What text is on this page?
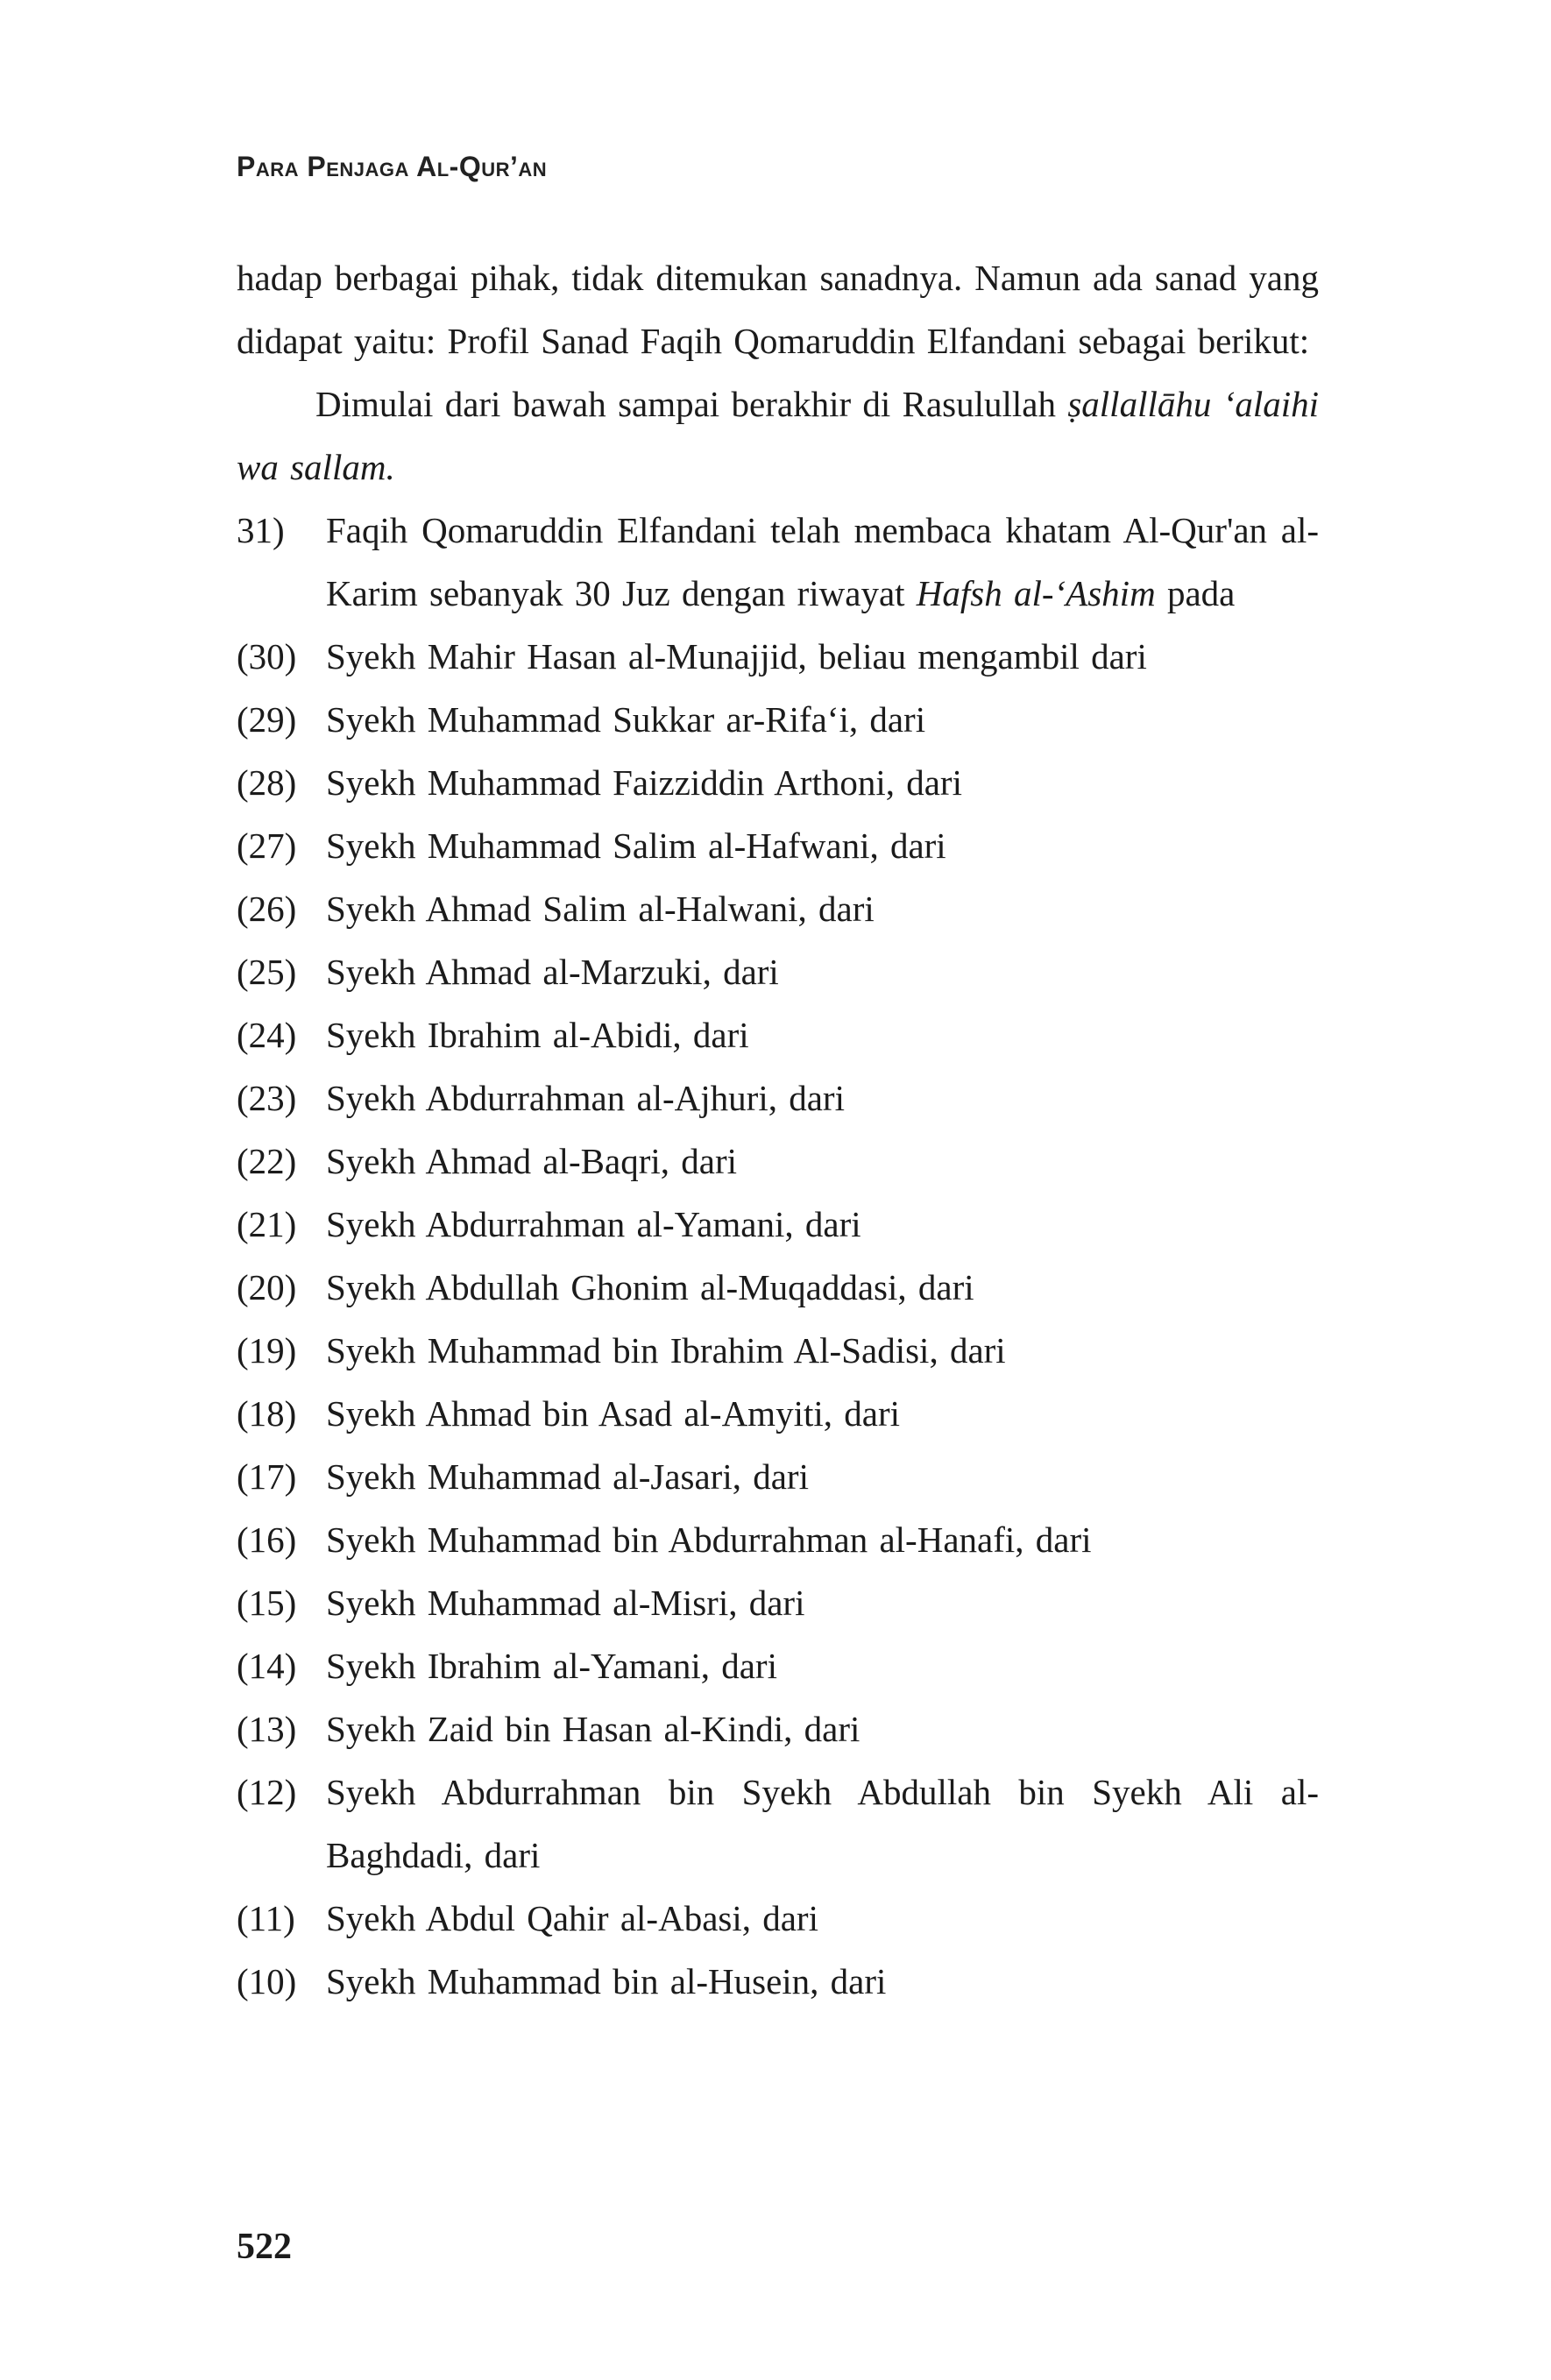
Para Penjaga Al-Qur’an

hadap berbagai pihak, tidak ditemukan sanadnya. Namun ada sanad yang didapat yaitu: Profil Sanad Faqih Qomaruddin Elfandani sebagai berikut:

Dimulai dari bawah sampai berakhir di Rasulullah ṣallallāhu ‘alaihi wa sallam.

31) Faqih Qomaruddin Elfandani telah membaca khatam Al-Qur'an al-Karim sebanyak 30 Juz dengan riwayat Hafsh al-‘Ashim pada
(30) Syekh Mahir Hasan al-Munajjid, beliau mengambil dari
(29) Syekh Muhammad Sukkar ar-Rifa‘i, dari
(28) Syekh Muhammad Faizziddin Arthoni, dari
(27) Syekh Muhammad Salim al-Hafwani, dari
(26) Syekh Ahmad Salim al-Halwani, dari
(25) Syekh Ahmad al-Marzuki, dari
(24) Syekh Ibrahim al-Abidi, dari
(23) Syekh Abdurrahman al-Ajhuri, dari
(22) Syekh Ahmad al-Baqri, dari
(21) Syekh Abdurrahman al-Yamani, dari
(20) Syekh Abdullah Ghonim al-Muqaddasi, dari
(19) Syekh Muhammad bin Ibrahim Al-Sadisi, dari
(18) Syekh Ahmad bin Asad al-Amyiti, dari
(17) Syekh Muhammad al-Jasari, dari
(16) Syekh Muhammad bin Abdurrahman al-Hanafi, dari
(15) Syekh Muhammad al-Misri, dari
(14) Syekh Ibrahim al-Yamani, dari
(13) Syekh Zaid bin Hasan al-Kindi, dari
(12) Syekh Abdurrahman bin Syekh Abdullah bin Syekh Ali al-Baghdadi, dari
(11) Syekh Abdul Qahir al-Abasi, dari
(10) Syekh Muhammad bin al-Husein, dari
522
